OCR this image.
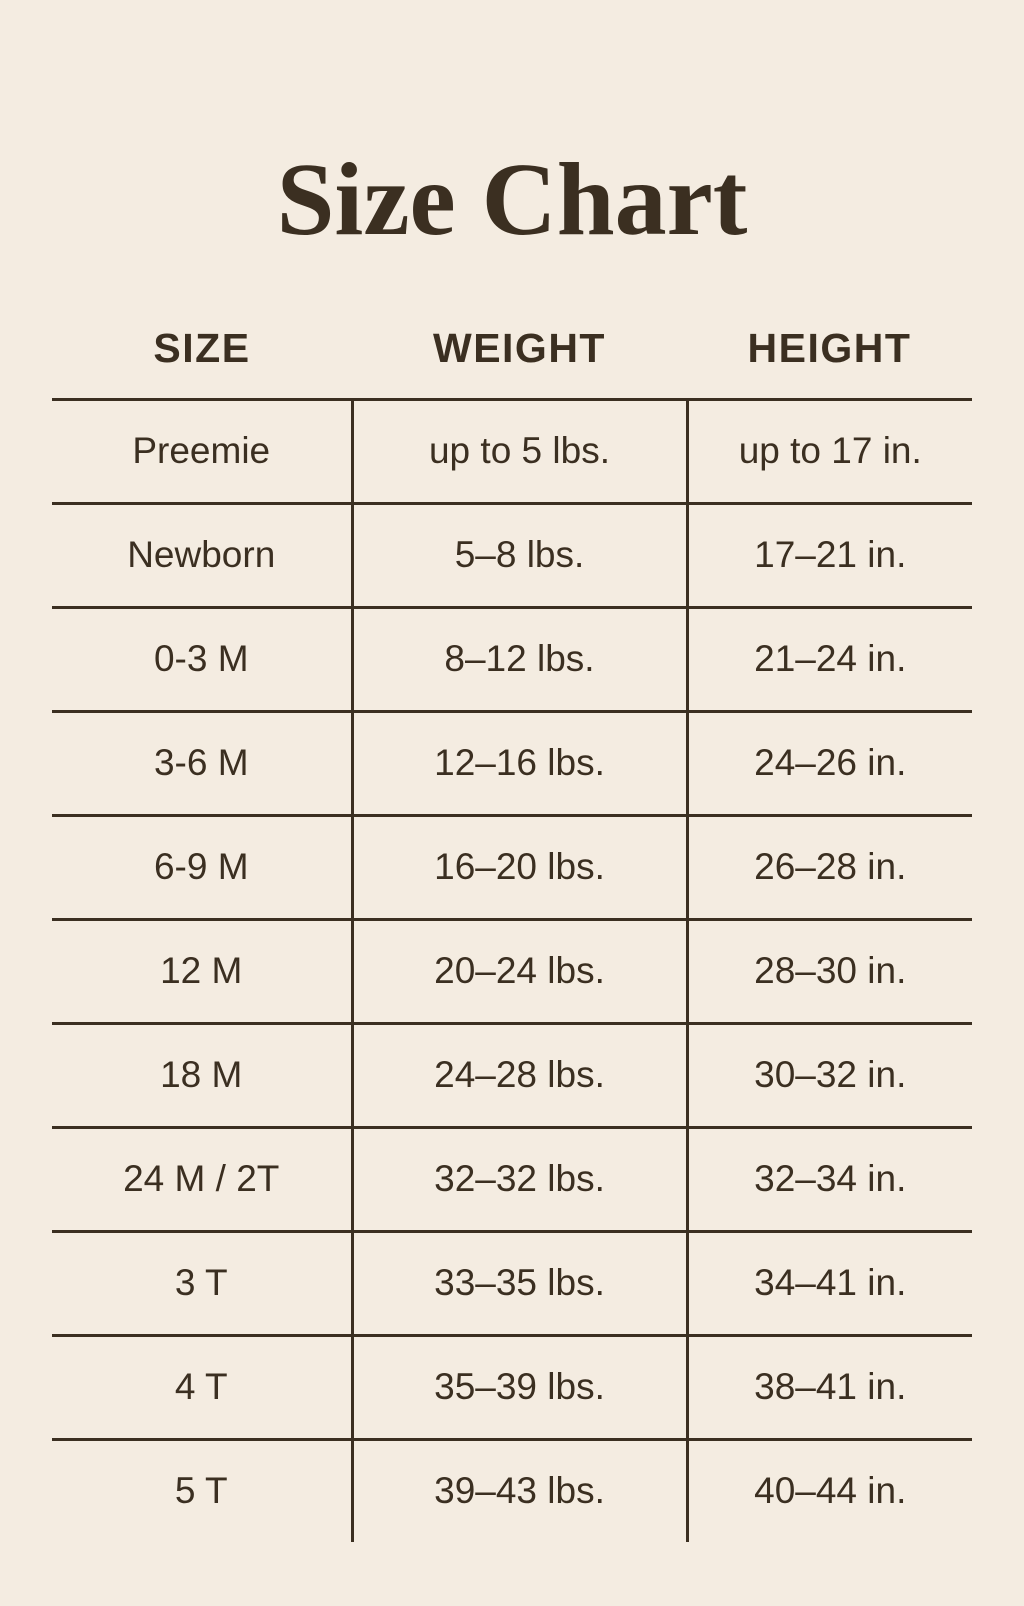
Size Chart
SIZE	WEIGHT	HEIGHT
Preemie	up to 5 lbs.	up to 17 in.
Newborn	5–8 lbs.	17–21 in.
0-3 M	8–12 lbs.	21–24 in.
3-6 M	12–16 lbs.	24–26 in.
6-9 M	16–20 lbs.	26–28 in.
12 M	20–24 lbs.	28–30 in.
18 M	24–28 lbs.	30–32 in.
24 M / 2T	32–32 lbs.	32–34 in.
3 T	33–35 lbs.	34–41 in.
4 T	35–39 lbs.	38–41 in.
5 T	39–43 lbs.	40–44 in.
